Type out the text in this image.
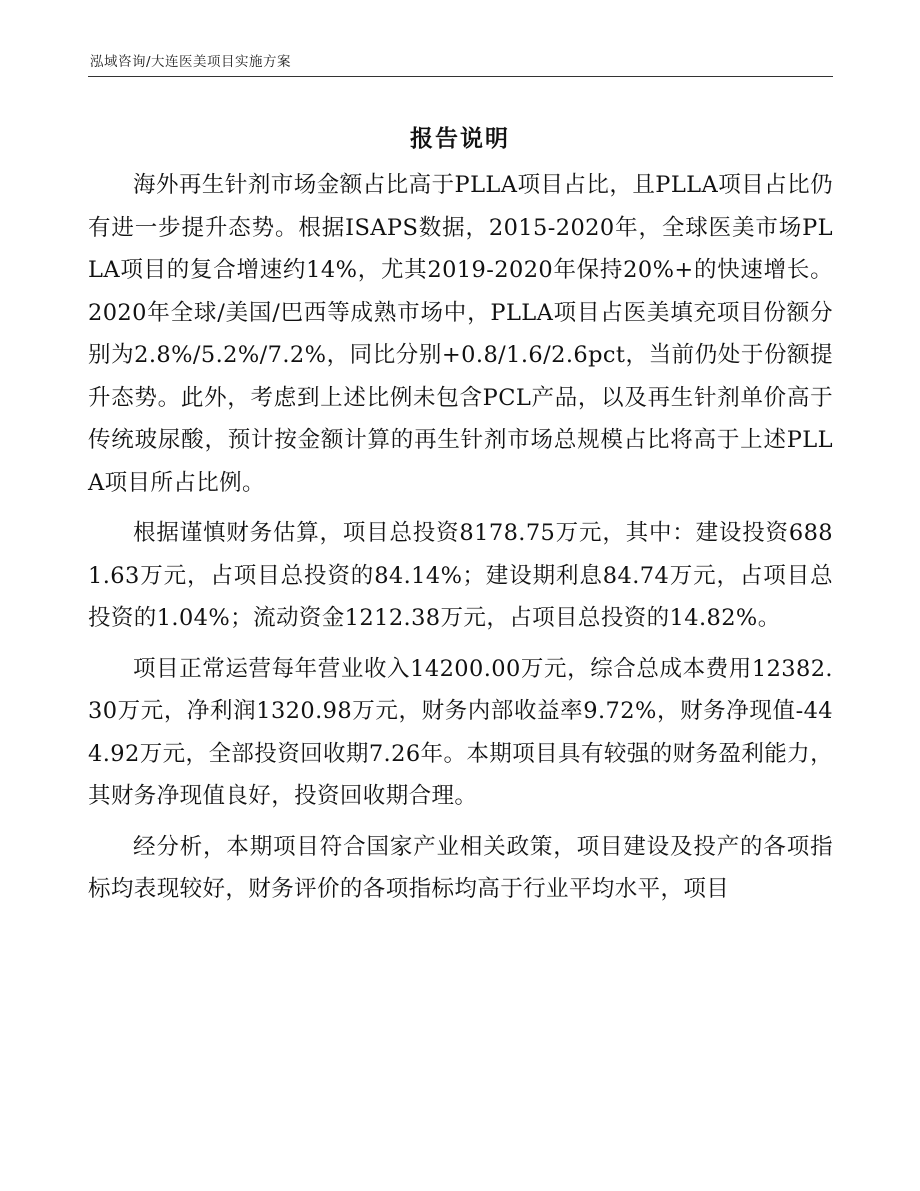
泓域咨询/大连医美项目实施方案
报告说明

海外再生针剂市场金额占比高于PLLA项目占比，且PLLA项目占比仍有进一步提升态势。根据ISAPS数据，2015-2020年，全球医美市场PLLA项目的复合增速约14%，尤其2019-2020年保持20%+的快速增长。2020年全球/美国/巴西等成熟市场中，PLLA项目占医美填充项目份额分别为2.8%/5.2%/7.2%，同比分别+0.8/1.6/2.6pct，当前仍处于份额提升态势。此外，考虑到上述比例未包含PCL产品，以及再生针剂单价高于传统玻尿酸，预计按金额计算的再生针剂市场总规模占比将高于上述PLLA项目所占比例。

根据谨慎财务估算，项目总投资8178.75万元，其中：建设投资6881.63万元，占项目总投资的84.14%；建设期利息84.74万元，占项目总投资的1.04%；流动资金1212.38万元，占项目总投资的14.82%。

项目正常运营每年营业收入14200.00万元，综合总成本费用12382.30万元，净利润1320.98万元，财务内部收益率9.72%，财务净现值-444.92万元，全部投资回收期7.26年。本期项目具有较强的财务盈利能力，其财务净现值良好，投资回收期合理。

经分析，本期项目符合国家产业相关政策，项目建设及投产的各项指标均表现较好，财务评价的各项指标均高于行业平均水平，项目
